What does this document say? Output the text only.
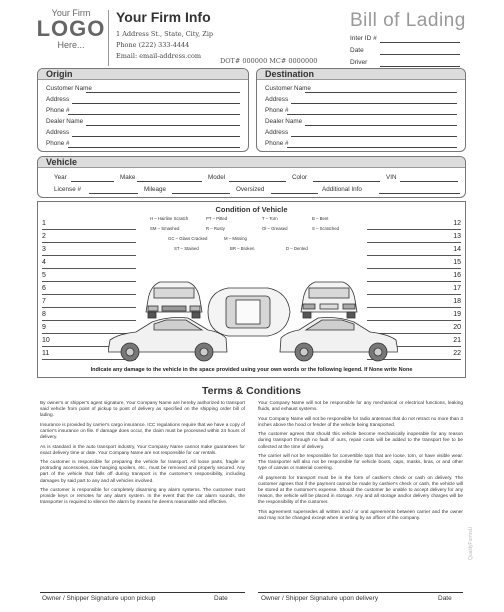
Your Firm
LOGO
Here...
Your Firm Info
1 Address St., State, City, Zip
Phone (222) 333-4444
Email: email-address.com
DOT# 000000 MC# 0000000
Bill of Lading
Inter ID #
Date
Driver
Origin
Customer Name
Address
Phone #
Dealer Name
Address
Phone #
Destination
Customer Name
Address
Phone #
Dealer Name
Address
Phone #
Vehicle
Year	Make	Model	Color	VIN
License #	Mileage	Oversized	Additional Info
Condition of Vehicle
1
2
3
4
5
6
7
8
9
10
11
12
13
14
15
16
17
18
19
20
21
22
H – Hairline Scratch	PT – Pitted	T – Torn	B – Bent
SM – Smashed	R – Rusty	Ol – Greased	S – Scratched
GC – Glass Cracked	M – Missing
ST – Stained	BR – Broken	D – Dented
Indicate any damage to the vehicle in the space provided using your own words or the following legend. If None write None
Terms & Conditions

By owner's or shipper's agent signature, Your Company Name are hereby authorized to transport said vehicle from point of pickup to point of delivery as specified on the shipping order bill of lading.

Insurance is provided by carrier's cargo insurance. ICC regulations require that we have a copy of carrier's insurance on file. If damage does occur, the claim must be processed within 24 hours of delivery.

As is standard in the auto transport industry, Your Company Name cannot make guarantees for exact delivery time or date. Your Company Name are not responsible for car rentals.

The customer is responsible for preparing the vehicle for transport. All loose parts, fragile or protruding accessories, low hanging spoilers, etc., must be removed and properly secured. Any part of the vehicle that falls off during transport is the customer's responsibility, including damages by said part to any and all vehicles involved.

The customer is responsible for completely disarming any alarm systems. The customer must provide keys or remotes for any alarm system. In the event that the car alarm sounds, the transporter is required to silence the alarm by means he deems reasonable and effective.

Your Company Name will not be responsible for any mechanical or electrical functions, leaking fluids, and exhaust systems.

Your Company Name will not be responsible for radio antennas that do not retract no more than 3 inches above the hood or fender of the vehicle being transported.

The customer agrees that should this vehicle become mechanically inoperable for any reason during transport through no fault of ours, repair costs will be added to the transport fee to be collected at the time of delivery.

The carrier will not be responsible for convertible tops that are loose, torn, or have visible wear. The transporter will also not be responsible for vehicle boots, caps, masks, bras, or and other type of canvas or material covering.

All payments for transport must be in the form of cashier's check or cash on delivery. The customer agrees that if the payment cannot be made by cashier's check or cash, the vehicle will be stored at the customer's expense. Should the customer be unable to accept delivery for any reason, the vehicle will be placed in storage. Any and all storage and/or delivery charges will be the responsibility of the customer.

This agreement supersedes all written and / or oral agreements between carrier and the owner and may not be changed except when in writing by an officer of the company.

QualityFormsU
Owner / Shipper Signature upon pickup	Date	Owner / Shipper Signature upon delivery	Date
